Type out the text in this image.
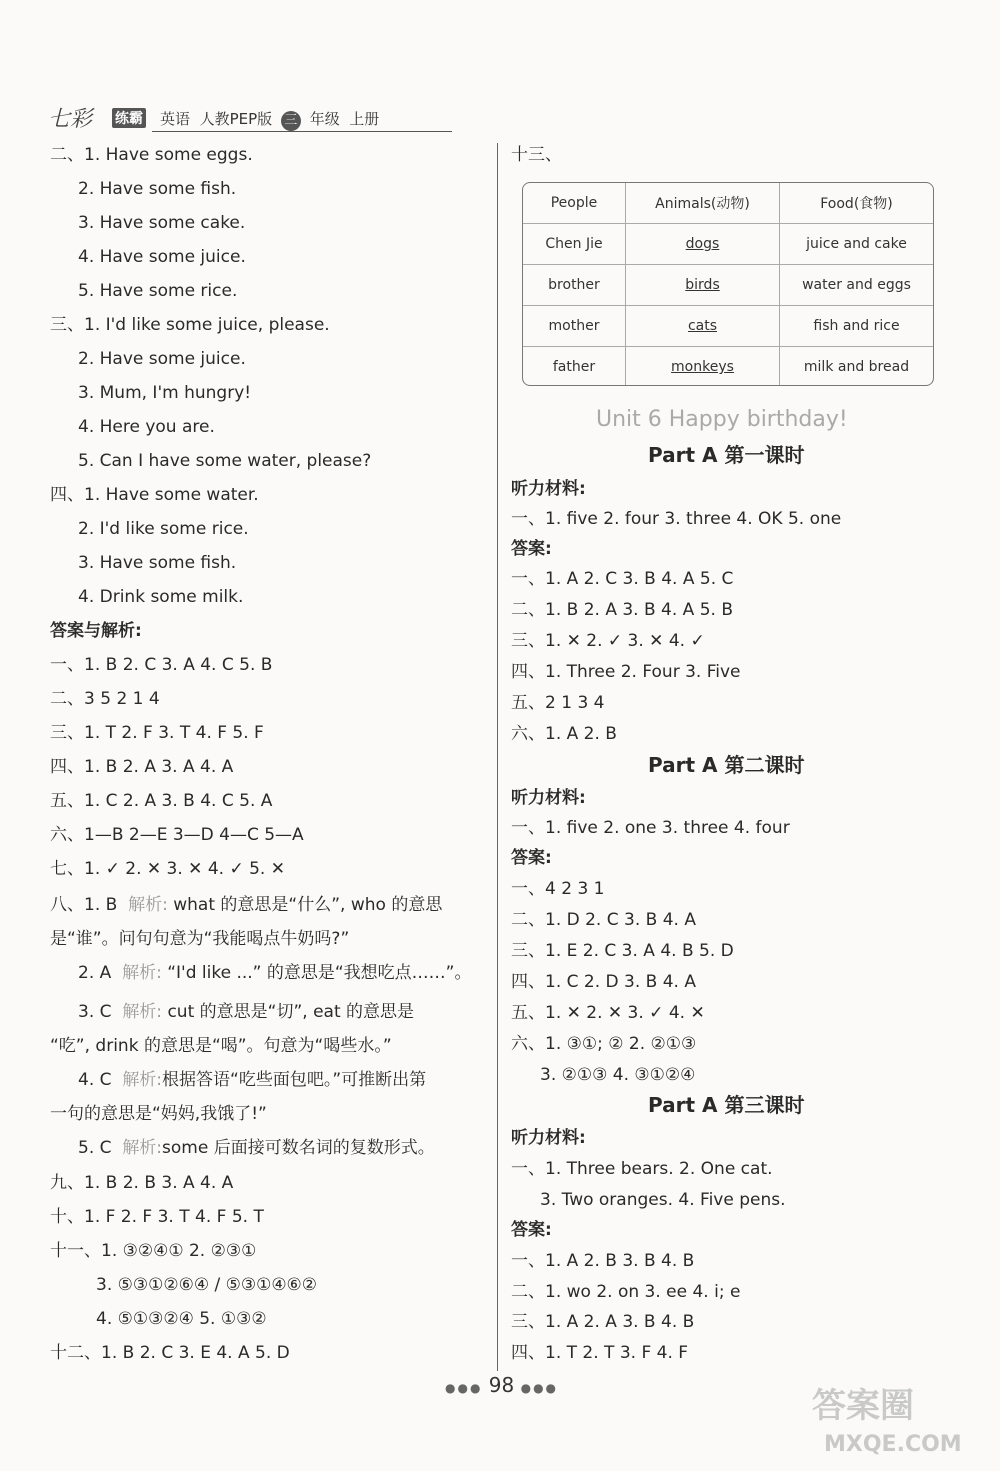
七彩 练霸 英语 人教PEP版 三 年级 上册
二、1. Have some eggs.
2. Have some fish.
3. Have some cake.
4. Have some juice.
5. Have some rice.
三、1. I'd like some juice, please.
2. Have some juice.
3. Mum, I'm hungry!
4. Here you are.
5. Can I have some water, please?
四、1. Have some water.
2. I'd like some rice.
3. Have some fish.
4. Drink some milk.
答案与解析:
一、1. B 2. C 3. A 4. C 5. B
二、3 5 2 1 4
三、1. T 2. F 3. T 4. F 5. F
四、1. B 2. A 3. A 4. A
五、1. C 2. A 3. B 4. C 5. A
六、1—B 2—E 3—D 4—C 5—A
七、1. ✓ 2. ✕ 3. ✕ 4. ✓ 5. ✕
八、1. B 解析: what 的意思是“什么”, who 的意思
是“谁”。问句句意为“我能喝点牛奶吗?”
2. A 解析: “I'd like ...” 的意思是“我想吃点……”。
3. C 解析: cut 的意思是“切”, eat 的意思是
“吃”, drink 的意思是“喝”。句意为“喝些水。”
4. C 解析:根据答语“吃些面包吧。”可推断出第
一句的意思是“妈妈,我饿了!”
5. C 解析:some 后面接可数名词的复数形式。
九、1. B 2. B 3. A 4. A
十、1. F 2. F 3. T 4. F 5. T
十一、1. ③②④① 2. ②③①
3. ⑤③①②⑥④ / ⑤③①④⑥②
4. ⑤①③②④ 5. ①③②
十二、1. B 2. C 3. E 4. A 5. D
十三、
People	Animals(动物)	Food(食物)
Chen Jie	dogs	juice and cake
brother	birds	water and eggs
mother	cats	fish and rice
father	monkeys	milk and bread
Unit 6 Happy birthday!
Part A 第一课时
听力材料:
一、1. five 2. four 3. three 4. OK 5. one
答案:
一、1. A 2. C 3. B 4. A 5. C
二、1. B 2. A 3. B 4. A 5. B
三、1. ✕ 2. ✓ 3. ✕ 4. ✓
四、1. Three 2. Four 3. Five
五、2 1 3 4
六、1. A 2. B
Part A 第二课时
听力材料:
一、1. five 2. one 3. three 4. four
答案:
一、4 2 3 1
二、1. D 2. C 3. B 4. A
三、1. E 2. C 3. A 4. B 5. D
四、1. C 2. D 3. B 4. A
五、1. ✕ 2. ✕ 3. ✓ 4. ✕
六、1. ③①; ② 2. ②①③
3. ②①③ 4. ③①②④
Part A 第三课时
听力材料:
一、1. Three bears. 2. One cat.
3. Two oranges. 4. Five pens.
答案:
一、1. A 2. B 3. B 4. B
二、1. wo 2. on 3. ee 4. i; e
三、1. A 2. A 3. B 4. B
四、1. T 2. T 3. F 4. F
●●● 98 ●●●	答案圈
MXQE.COM
